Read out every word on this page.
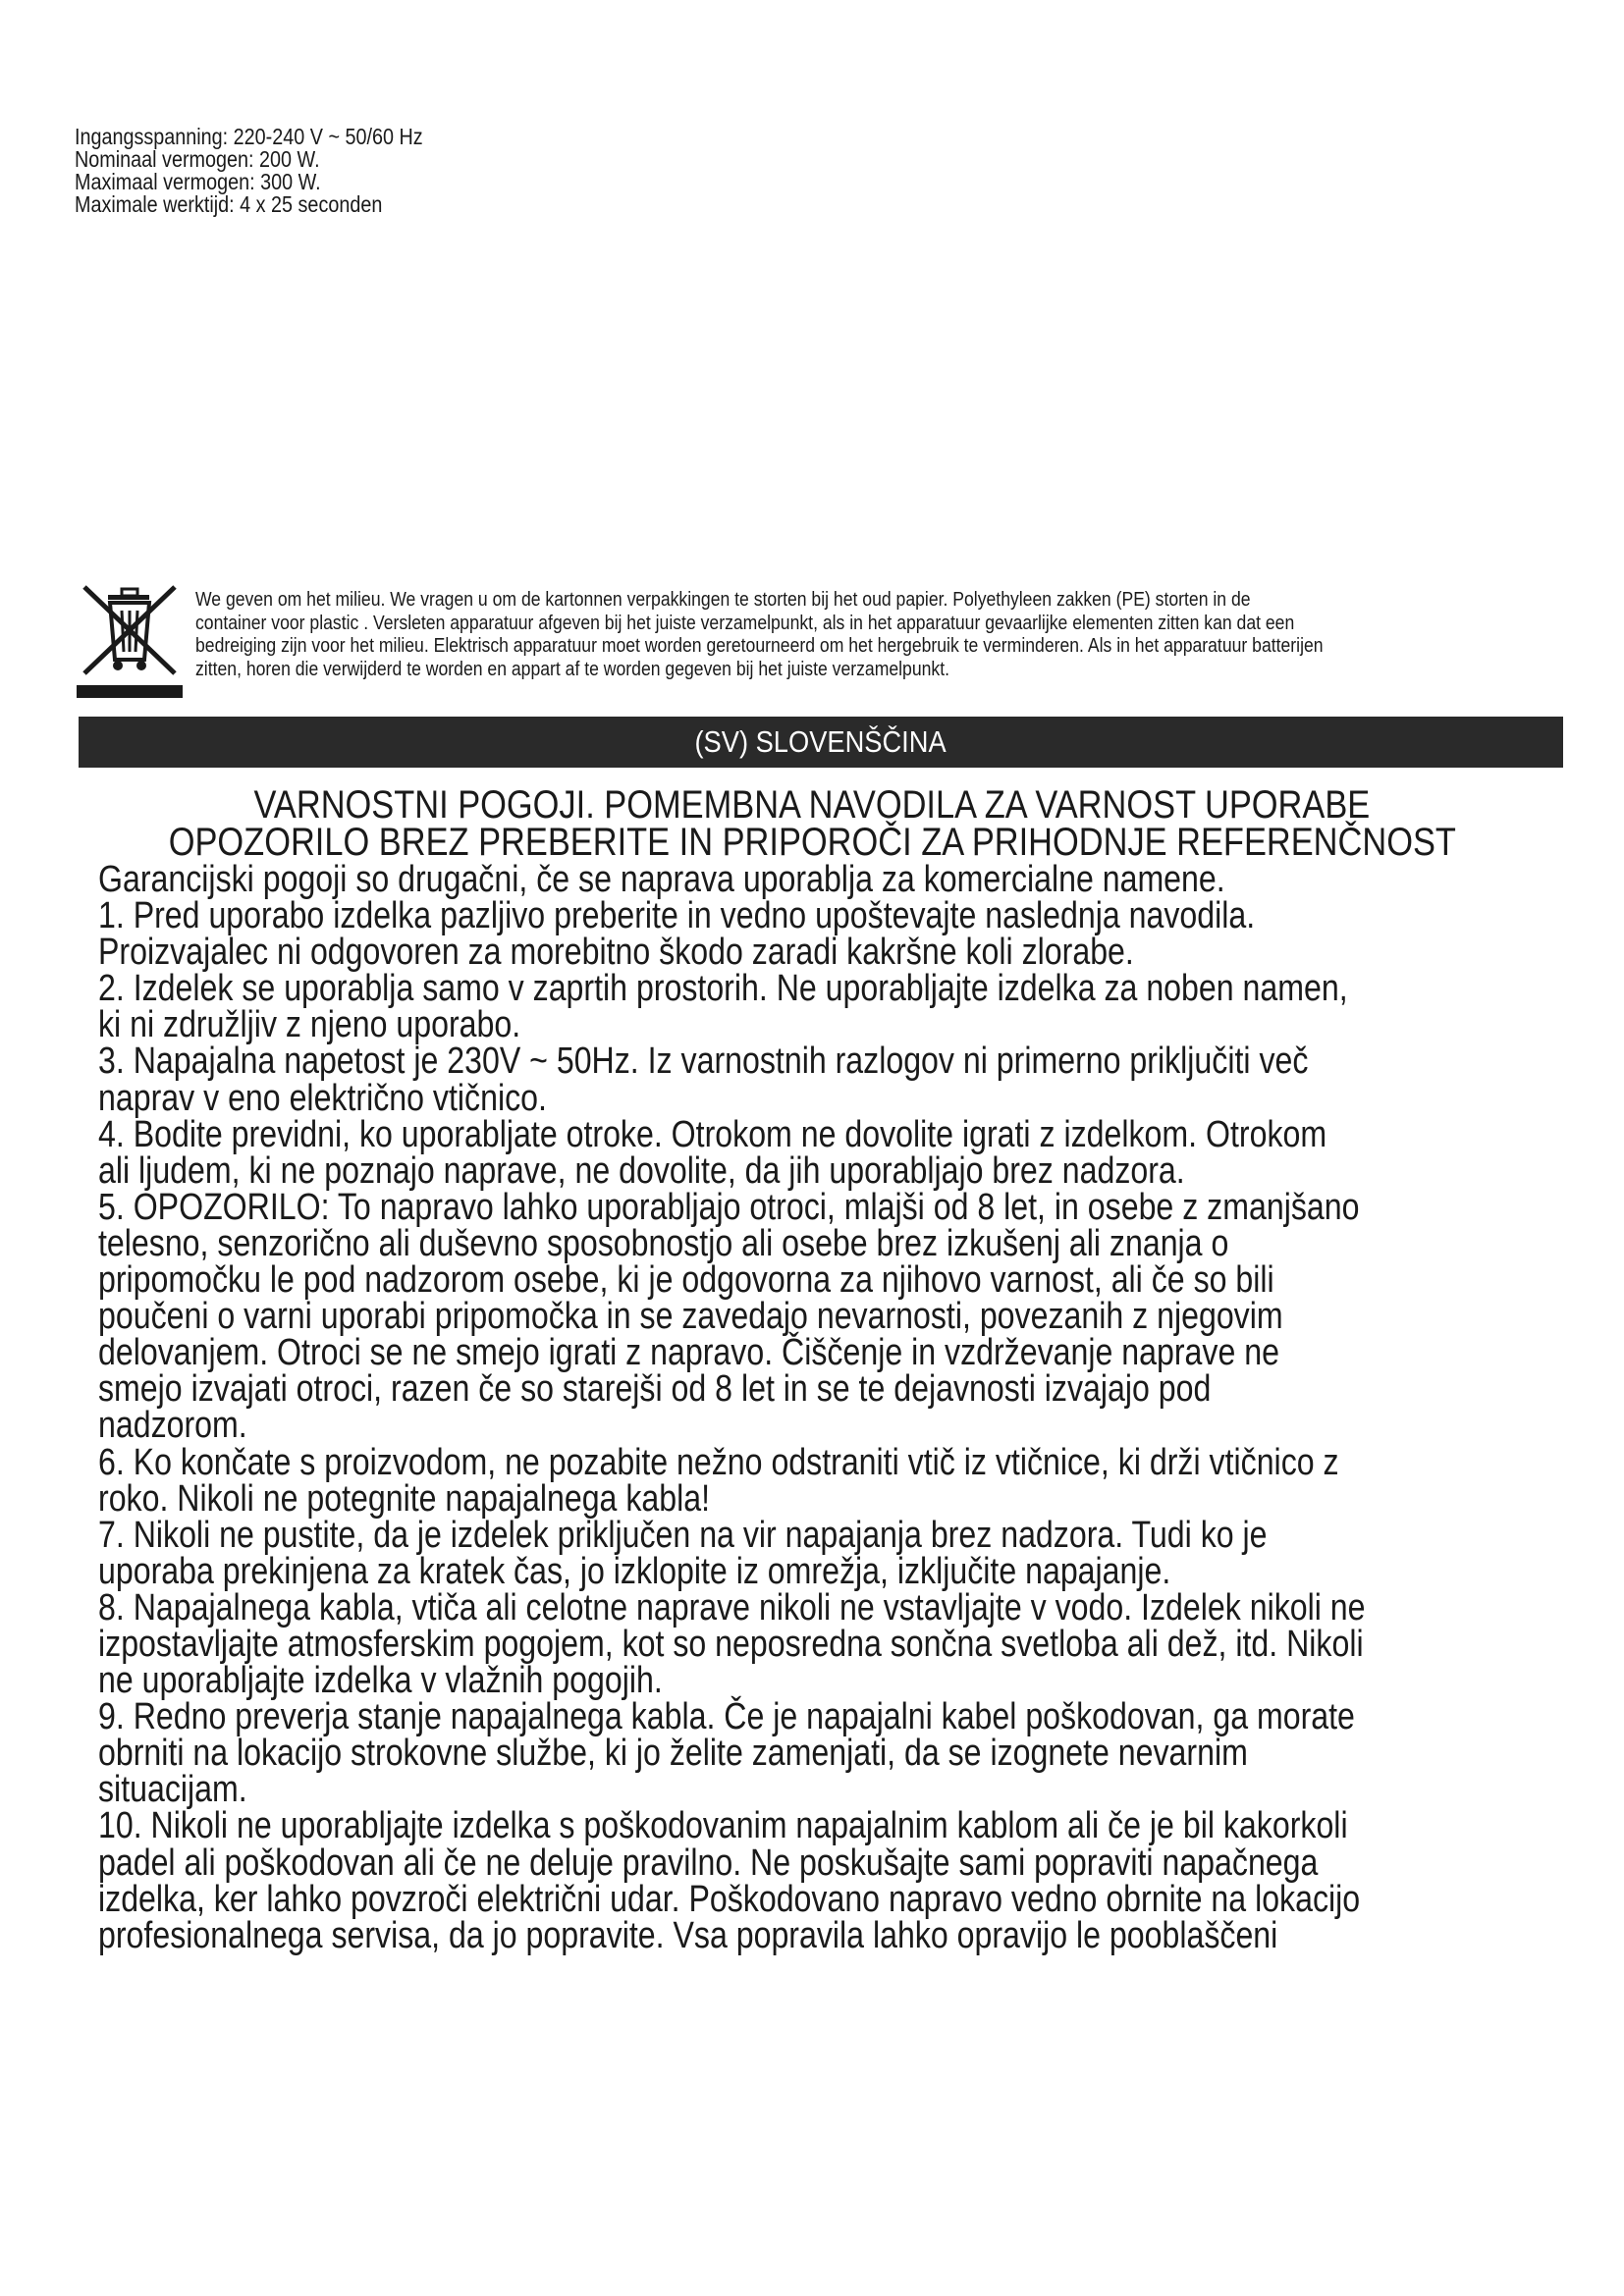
Ingangsspanning: 220-240 V ~ 50/60 Hz
Nominaal vermogen: 200 W.
Maximaal vermogen: 300 W.
Maximale werktijd: 4 x 25 seconden
We geven om het milieu. We vragen u om de kartonnen verpakkingen te storten bij het oud papier. Polyethyleen zakken (PE) storten in de
container voor plastic . Versleten apparatuur afgeven bij het juiste verzamelpunkt, als in het apparatuur gevaarlijke elementen zitten kan dat een
bedreiging zijn voor het milieu. Elektrisch apparatuur moet worden geretourneerd om het hergebruik te verminderen. Als in het apparatuur batterijen
zitten, horen die verwijderd te worden en appart af te worden gegeven bij het juiste verzamelpunkt.
(SV) SLOVENŠČINA
VARNOSTNI POGOJI. POMEMBNA NAVODILA ZA VARNOST UPORABE
OPOZORILO BREZ PREBERITE IN PRIPOROČI ZA PRIHODNJE REFERENČNOST
Garancijski pogoji so drugačni, če se naprava uporablja za komercialne namene.
1. Pred uporabo izdelka pazljivo preberite in vedno upoštevajte naslednja navodila.
Proizvajalec ni odgovoren za morebitno škodo zaradi kakršne koli zlorabe.
2. Izdelek se uporablja samo v zaprtih prostorih. Ne uporabljajte izdelka za noben namen,
ki ni združljiv z njeno uporabo.
3. Napajalna napetost je 230V ~ 50Hz. Iz varnostnih razlogov ni primerno priključiti več
naprav v eno električno vtičnico.
4. Bodite previdni, ko uporabljate otroke. Otrokom ne dovolite igrati z izdelkom. Otrokom
ali ljudem, ki ne poznajo naprave, ne dovolite, da jih uporabljajo brez nadzora.
5. OPOZORILO: To napravo lahko uporabljajo otroci, mlajši od 8 let, in osebe z zmanjšano
telesno, senzorično ali duševno sposobnostjo ali osebe brez izkušenj ali znanja o
pripomočku le pod nadzorom osebe, ki je odgovorna za njihovo varnost, ali če so bili
poučeni o varni uporabi pripomočka in se zavedajo nevarnosti, povezanih z njegovim
delovanjem. Otroci se ne smejo igrati z napravo. Čiščenje in vzdrževanje naprave ne
smejo izvajati otroci, razen če so starejši od 8 let in se te dejavnosti izvajajo pod
nadzorom.
6. Ko končate s proizvodom, ne pozabite nežno odstraniti vtič iz vtičnice, ki drži vtičnico z
roko. Nikoli ne potegnite napajalnega kabla!
7. Nikoli ne pustite, da je izdelek priključen na vir napajanja brez nadzora. Tudi ko je
uporaba prekinjena za kratek čas, jo izklopite iz omrežja, izključite napajanje.
8. Napajalnega kabla, vtiča ali celotne naprave nikoli ne vstavljajte v vodo. Izdelek nikoli ne
izpostavljajte atmosferskim pogojem, kot so neposredna sončna svetloba ali dež, itd. Nikoli
ne uporabljajte izdelka v vlažnih pogojih.
9. Redno preverja stanje napajalnega kabla. Če je napajalni kabel poškodovan, ga morate
obrniti na lokacijo strokovne službe, ki jo želite zamenjati, da se izognete nevarnim
situacijam.
10. Nikoli ne uporabljajte izdelka s poškodovanim napajalnim kablom ali če je bil kakorkoli
padel ali poškodovan ali če ne deluje pravilno. Ne poskušajte sami popraviti napačnega
izdelka, ker lahko povzroči električni udar. Poškodovano napravo vedno obrnite na lokacijo
profesionalnega servisa, da jo popravite. Vsa popravila lahko opravijo le pooblaščeni
